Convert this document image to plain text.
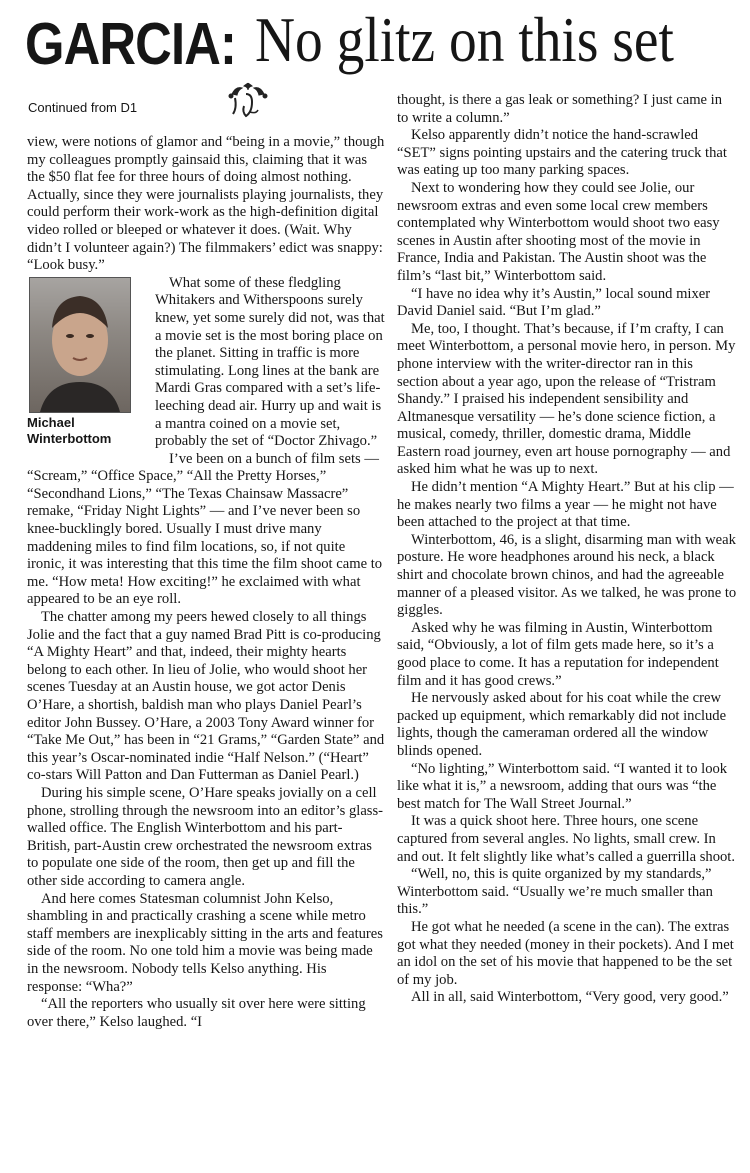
GARCIA: No glitz on this set
Continued from D1

view, were notions of glamor and “being in a movie,” though my colleagues promptly gainsaid this, claiming that it was the $50 flat fee for three hours of doing almost nothing. Actually, since they were journalists playing journalists, they could perform their work-work as the high-definition digital video rolled or bleeped or whatever it does. (Wait. Why didn’t I volunteer again?) The filmmakers’ edict was snappy: “Look busy.”

Michael
Winterbottom

What some of these fledgling Whitakers and Witherspoons surely knew, yet some surely did not, was that a movie set is the most boring place on the planet. Sitting in traffic is more stimulating. Long lines at the bank are Mardi Gras compared with a set’s life-leeching dead air. Hurry up and wait is a mantra coined on a movie set, probably the set of “Doctor Zhivago.”

I’ve been on a bunch of film sets — “Scream,” “Office Space,” “All the Pretty Horses,” “Secondhand Lions,” “The Texas Chainsaw Massacre” remake, “Friday Night Lights” — and I’ve never been so knee-bucklingly bored. Usually I must drive many maddening miles to find film locations, so, if not quite ironic, it was interesting that this time the film shoot came to me. “How meta! How exciting!” he exclaimed with what appeared to be an eye roll.

The chatter among my peers hewed closely to all things Jolie and the fact that a guy named Brad Pitt is co-producing “A Mighty Heart” and that, indeed, their mighty hearts belong to each other. In lieu of Jolie, who would shoot her scenes Tuesday at an Austin house, we got actor Denis O’Hare, a shortish, baldish man who plays Daniel Pearl’s editor John Bussey. O’Hare, a 2003 Tony Award winner for “Take Me Out,” has been in “21 Grams,” “Garden State” and this year’s Oscar-nominated indie “Half Nelson.” (“Heart” co-stars Will Patton and Dan Futterman as Daniel Pearl.)

During his simple scene, O’Hare speaks jovially on a cell phone, strolling through the newsroom into an editor’s glass-walled office. The English Winterbottom and his part-British, part-Austin crew orchestrated the newsroom extras to populate one side of the room, then get up and fill the other side according to camera angle.

And here comes Statesman columnist John Kelso, shambling in and practically crashing a scene while metro staff members are inexplicably sitting in the arts and features side of the room. No one told him a movie was being made in the newsroom. Nobody tells Kelso anything. His response: “Wha?”

“All the reporters who usually sit over here were sitting over there,” Kelso laughed. “I

thought, is there a gas leak or something? I just came in to write a column.”

Kelso apparently didn’t notice the hand-scrawled “SET” signs pointing upstairs and the catering truck that was eating up too many parking spaces.

Next to wondering how they could see Jolie, our newsroom extras and even some local crew members contemplated why Winterbottom would shoot two easy scenes in Austin after shooting most of the movie in France, India and Pakistan. The Austin shoot was the film’s “last bit,” Winterbottom said.

“I have no idea why it’s Austin,” local sound mixer David Daniel said. “But I’m glad.”

Me, too, I thought. That’s because, if I’m crafty, I can meet Winterbottom, a personal movie hero, in person. My phone interview with the writer-director ran in this section about a year ago, upon the release of “Tristram Shandy.” I praised his independent sensibility and Altmanesque versatility — he’s done science fiction, a musical, comedy, thriller, domestic drama, Middle Eastern road journey, even art house pornography — and asked him what he was up to next.

He didn’t mention “A Mighty Heart.” But at his clip — he makes nearly two films a year — he might not have been attached to the project at that time.

Winterbottom, 46, is a slight, disarming man with weak posture. He wore headphones around his neck, a black shirt and chocolate brown chinos, and had the agreeable manner of a pleased visitor. As we talked, he was prone to giggles.

Asked why he was filming in Austin, Winterbottom said, “Obviously, a lot of film gets made here, so it’s a good place to come. It has a reputation for independent film and it has good crews.”

He nervously asked about for his coat while the crew packed up equipment, which remarkably did not include lights, though the cameraman ordered all the window blinds opened.

“No lighting,” Winterbottom said. “I wanted it to look like what it is,” a newsroom, adding that ours was “the best match for The Wall Street Journal.”

It was a quick shoot here. Three hours, one scene captured from several angles. No lights, small crew. In and out. It felt slightly like what’s called a guerrilla shoot.

“Well, no, this is quite organized by my standards,” Winterbottom said. “Usually we’re much smaller than this.”

He got what he needed (a scene in the can). The extras got what they needed (money in their pockets). And I met an idol on the set of his movie that happened to be the set of my job.

All in all, said Winterbottom, “Very good, very good.”
